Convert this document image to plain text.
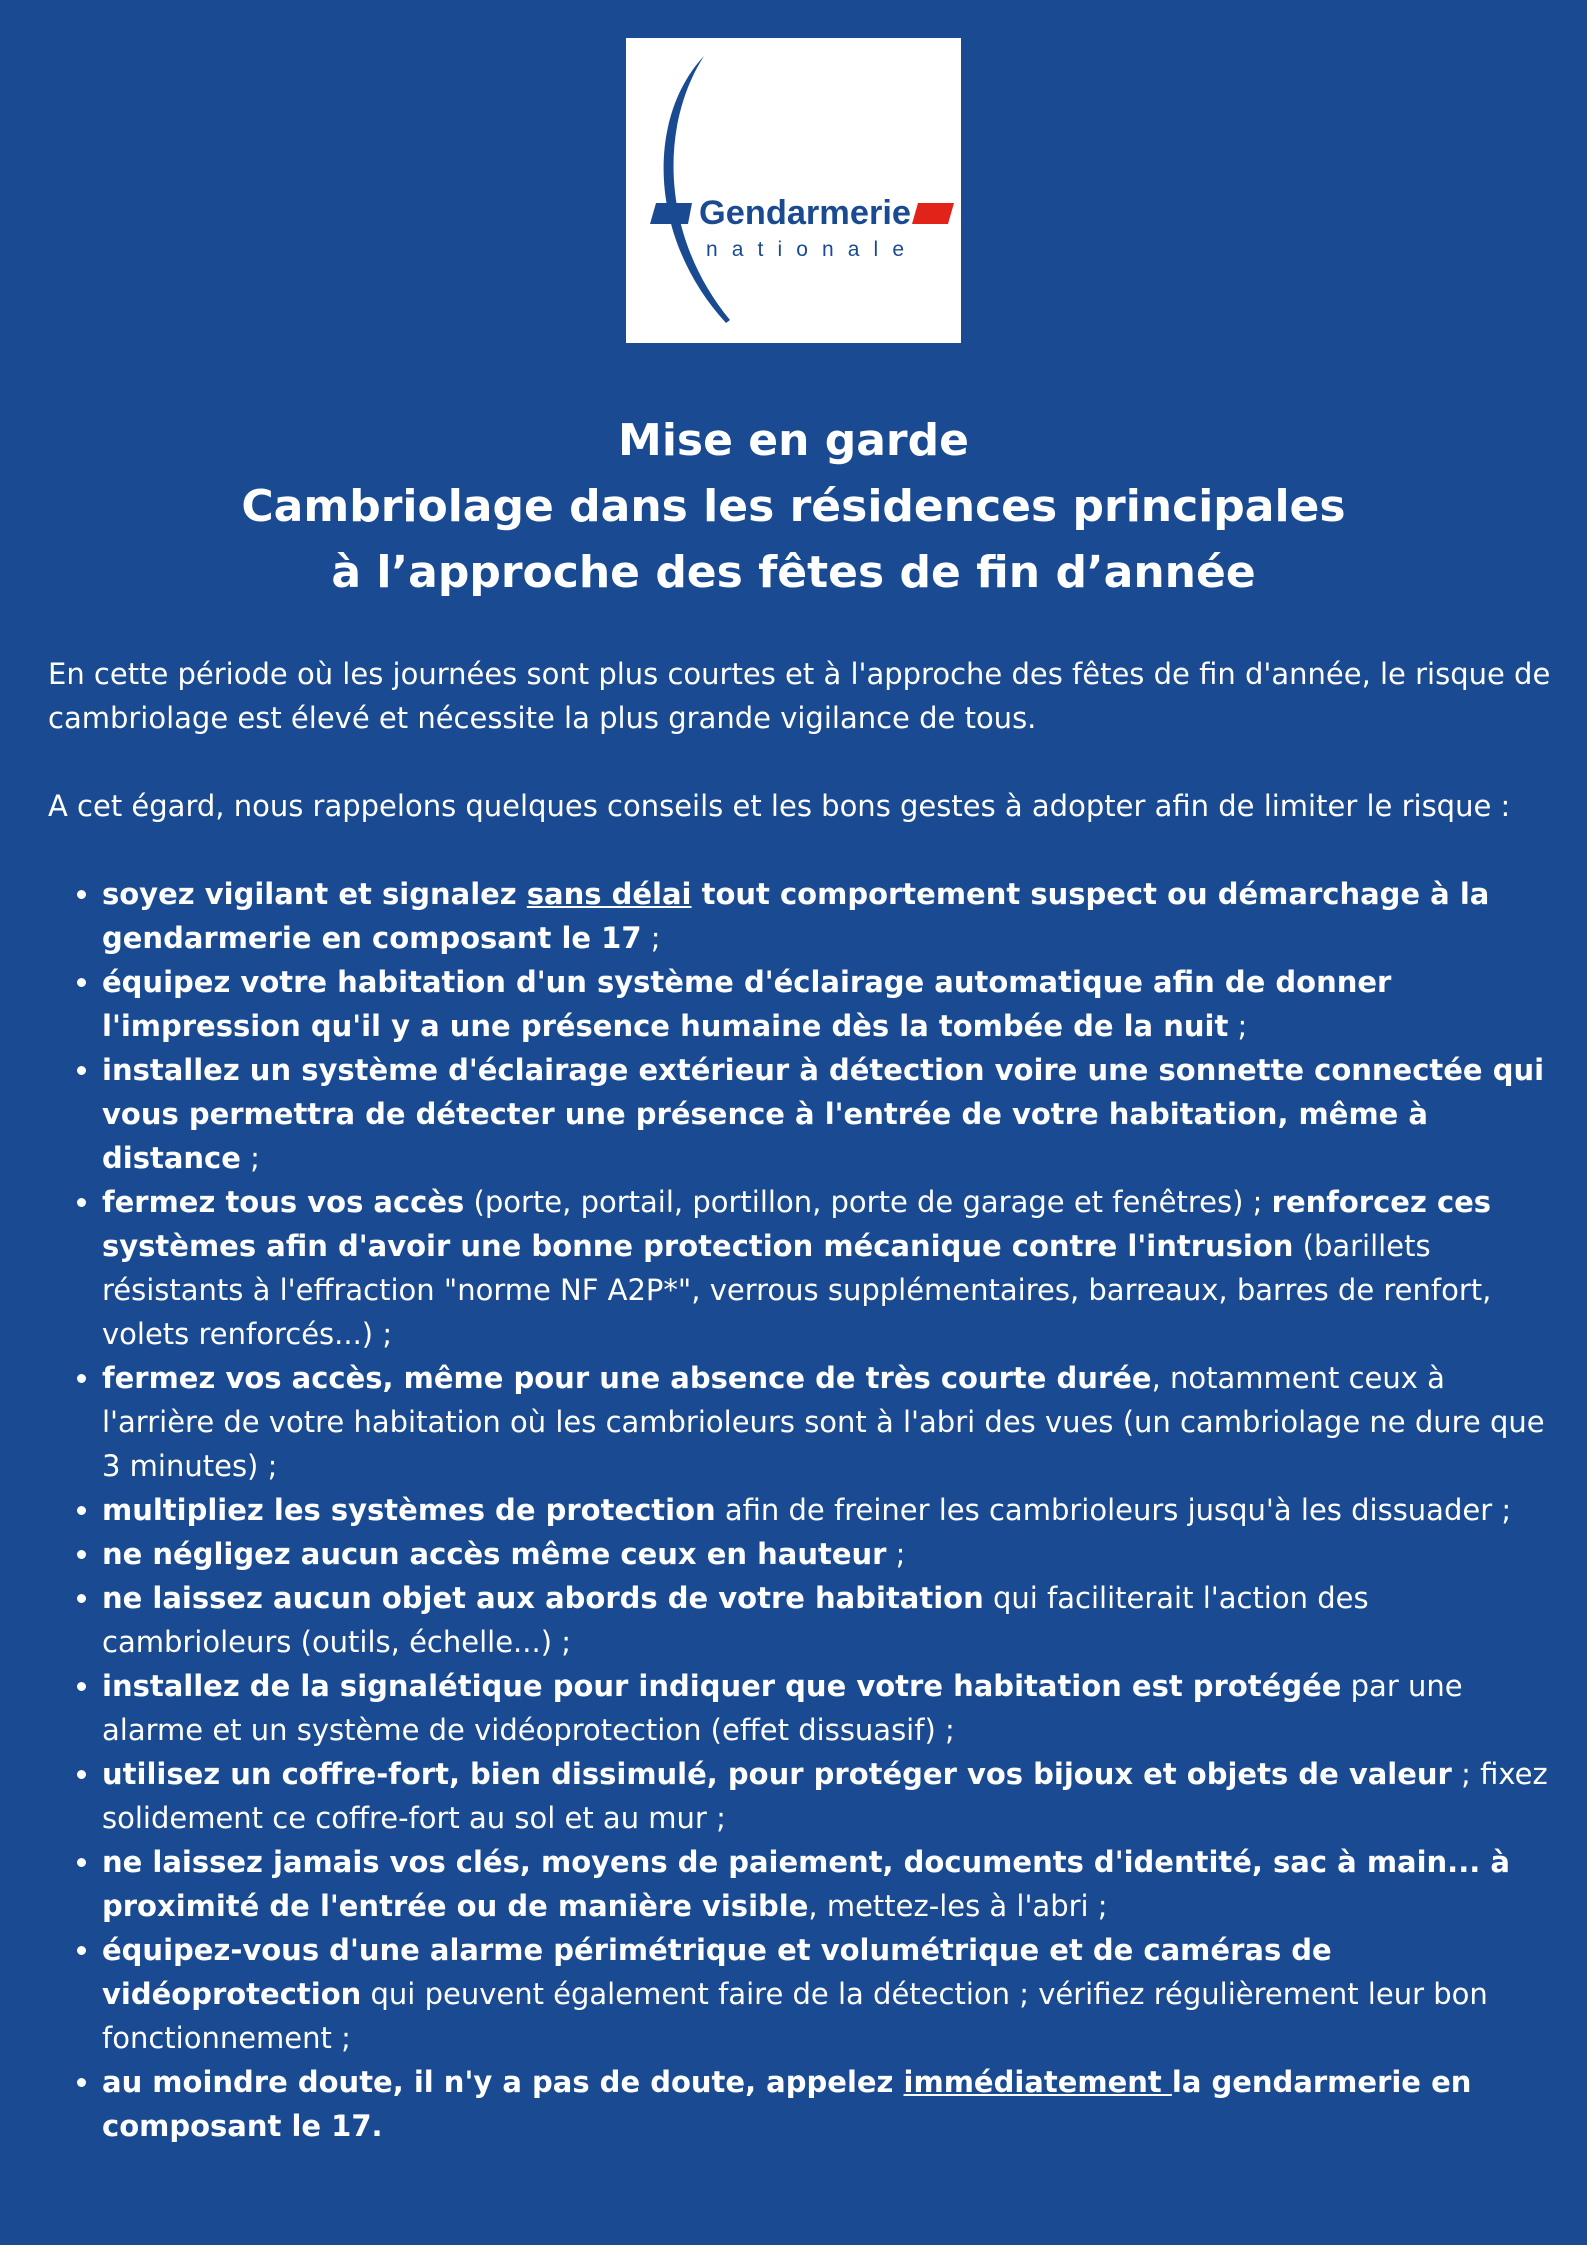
Gendarmerie
nationale
Mise en garde
Cambriolage dans les résidences principales
à l’approche des fêtes de fin d’année

En cette période où les journées sont plus courtes et à l'approche des fêtes de fin d'année, le risque de cambriolage est élevé et nécessite la plus grande vigilance de tous.

A cet égard, nous rappelons quelques conseils et les bons gestes à adopter afin de limiter le risque :

• soyez vigilant et signalez sans délai tout comportement suspect ou démarchage à la gendarmerie en composant le 17 ;
• équipez votre habitation d'un système d'éclairage automatique afin de donner l'impression qu'il y a une présence humaine dès la tombée de la nuit ;
• installez un système d'éclairage extérieur à détection voire une sonnette connectée qui vous permettra de détecter une présence à l'entrée de votre habitation, même à distance ;
• fermez tous vos accès (porte, portail, portillon, porte de garage et fenêtres) ; renforcez ces systèmes afin d'avoir une bonne protection mécanique contre l'intrusion (barillets résistants à l'effraction "norme NF A2P*", verrous supplémentaires, barreaux, barres de renfort, volets renforcés...) ;
• fermez vos accès, même pour une absence de très courte durée, notamment ceux à l'arrière de votre habitation où les cambrioleurs sont à l'abri des vues (un cambriolage ne dure que 3 minutes) ;
• multipliez les systèmes de protection afin de freiner les cambrioleurs jusqu'à les dissuader ;
• ne négligez aucun accès même ceux en hauteur ;
• ne laissez aucun objet aux abords de votre habitation qui faciliterait l'action des cambrioleurs (outils, échelle...) ;
• installez de la signalétique pour indiquer que votre habitation est protégée par une alarme et un système de vidéoprotection (effet dissuasif) ;
• utilisez un coffre-fort, bien dissimulé, pour protéger vos bijoux et objets de valeur ; fixez solidement ce coffre-fort au sol et au mur ;
• ne laissez jamais vos clés, moyens de paiement, documents d'identité, sac à main... à proximité de l'entrée ou de manière visible, mettez-les à l'abri ;
• équipez-vous d'une alarme périmétrique et volumétrique et de caméras de vidéoprotection qui peuvent également faire de la détection ; vérifiez régulièrement leur bon fonctionnement ;
• au moindre doute, il n'y a pas de doute, appelez immédiatement la gendarmerie en composant le 17.
